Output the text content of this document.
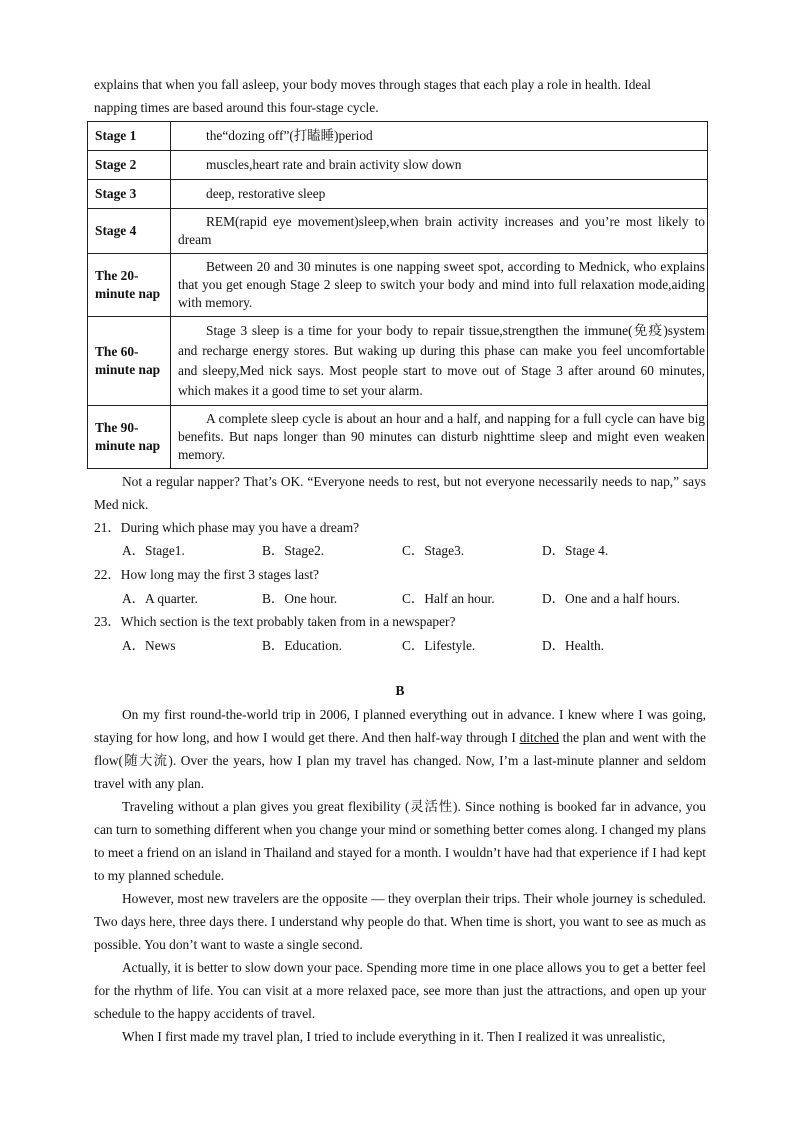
explains that when you fall asleep, your body moves through stages that each play a role in health. Ideal

napping times are based around this four-stage cycle.

Stage 1	the“dozing off”(打瞌睡)period
Stage 2	muscles,heart rate and brain activity slow down
Stage 3	deep, restorative sleep
Stage 4	REM(rapid eye movement)sleep,when brain activity increases and you’re most likely to dream
The 20-minute nap	Between 20 and 30 minutes is one napping sweet spot, according to Mednick, who explains that you get enough Stage 2 sleep to switch your body and mind into full relaxation mode,aiding with memory.
The 60-minute nap	Stage 3 sleep is a time for your body to repair tissue,strengthen the immune(免疫)system and recharge energy stores. But waking up during this phase can make you feel uncomfortable and sleepy,Med nick says. Most people start to move out of Stage 3 after around 60 minutes, which makes it a good time to set your alarm.
The 90-minute nap	A complete sleep cycle is about an hour and a half, and napping for a full cycle can have big benefits. But naps longer than 90 minutes can disturb nighttime sleep and might even weaken memory.

Not a regular napper? That’s OK. “Everyone needs to rest, but not everyone necessarily needs to nap,” says Med nick.

21．During which phase may you have a dream?

A．Stage1.	B．Stage2.	C．Stage3.	D．Stage 4.

22．How long may the first 3 stages last?

A．A quarter.	B．One hour.	C．Half an hour.	D．One and a half hours.

23．Which section is the text probably taken from in a newspaper?

A．News	B．Education.	C．Lifestyle.	D．Health.

B

On my first round-the-world trip in 2006, I planned everything out in advance. I knew where I was going, staying for how long, and how I would get there. And then half-way through I ditched the plan and went with the flow(随大流). Over the years, how I plan my travel has changed. Now, I’m a last-minute planner and seldom travel with any plan.

Traveling without a plan gives you great flexibility (灵活性). Since nothing is booked far in advance, you can turn to something different when you change your mind or something better comes along. I changed my plans to meet a friend on an island in Thailand and stayed for a month. I wouldn’t have had that experience if I had kept to my planned schedule.

However, most new travelers are the opposite — they overplan their trips. Their whole journey is scheduled. Two days here, three days there. I understand why people do that. When time is short, you want to see as much as possible. You don’t want to waste a single second.

Actually, it is better to slow down your pace. Spending more time in one place allows you to get a better feel for the rhythm of life. You can visit at a more relaxed pace, see more than just the attractions, and open up your schedule to the happy accidents of travel.

When I first made my travel plan, I tried to include everything in it. Then I realized it was unrealistic,
